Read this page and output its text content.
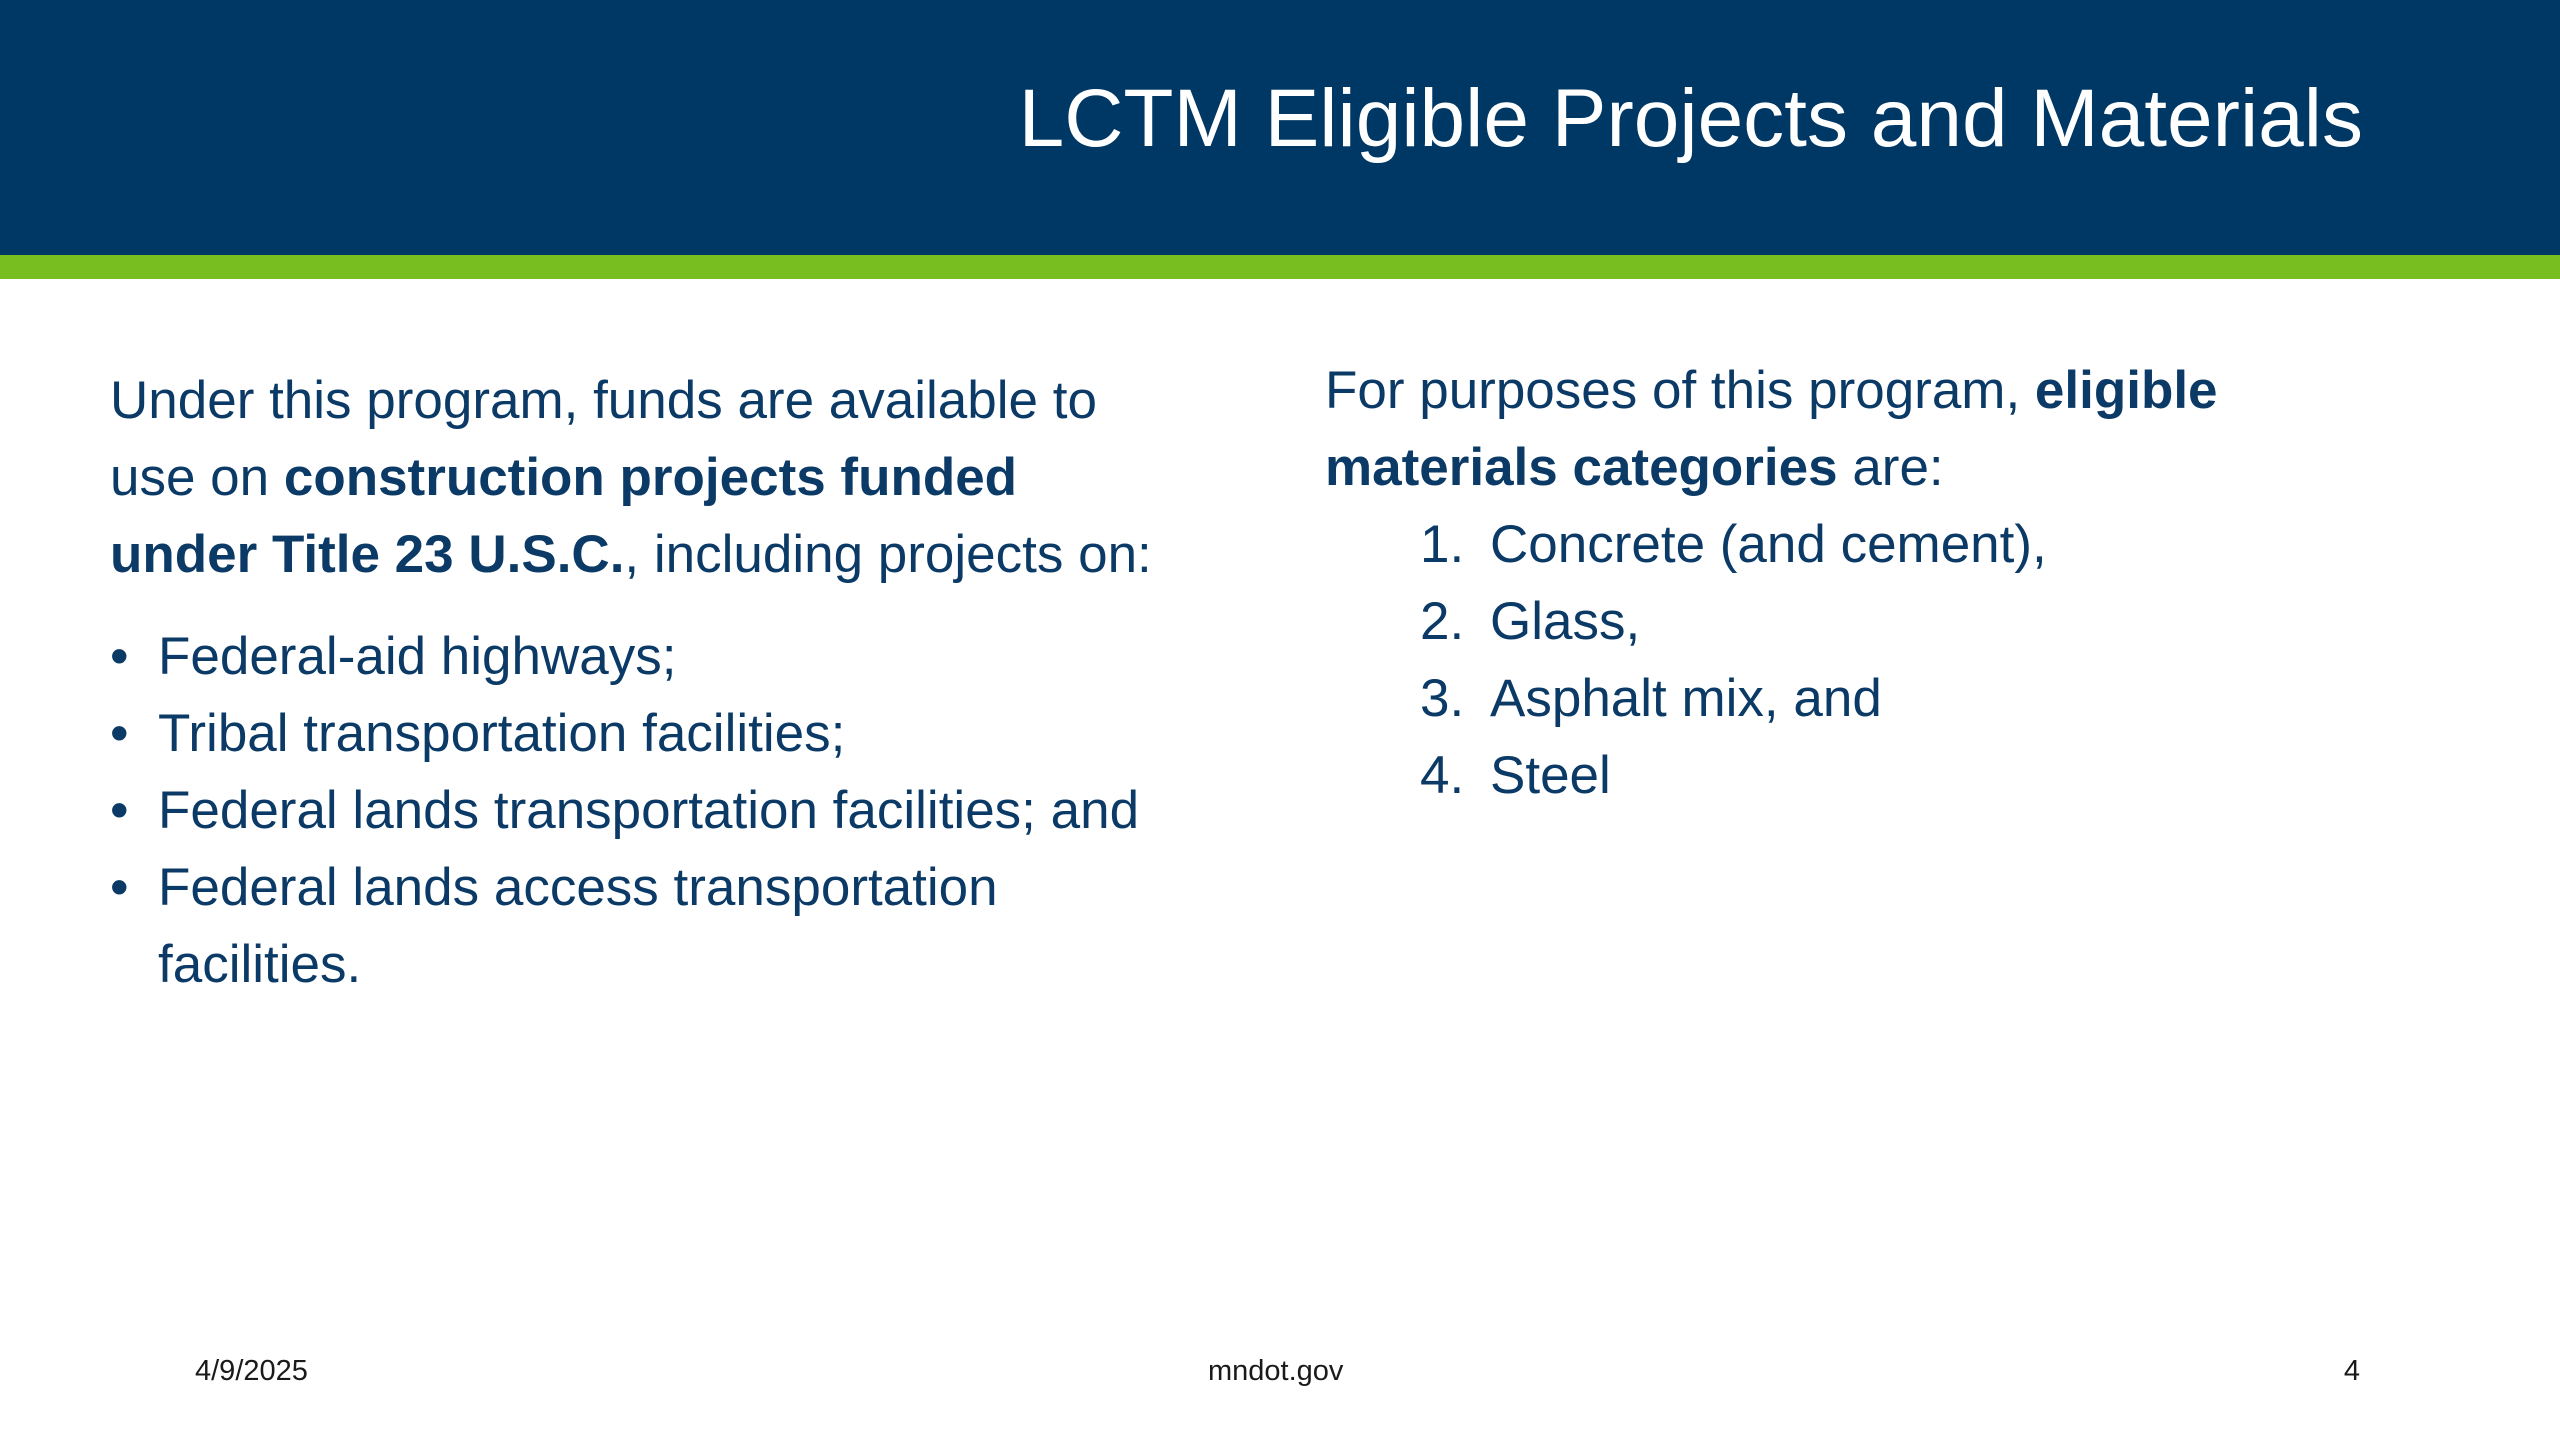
LCTM Eligible Projects and Materials

Under this program, funds are available to use on construction projects funded under Title 23 U.S.C., including projects on:

• Federal-aid highways;
• Tribal transportation facilities;
• Federal lands transportation facilities; and
• Federal lands access transportation facilities.

For purposes of this program, eligible materials categories are:

1. Concrete (and cement),
2. Glass,
3. Asphalt mix, and
4. Steel
4/9/2025	mndot.gov	4
